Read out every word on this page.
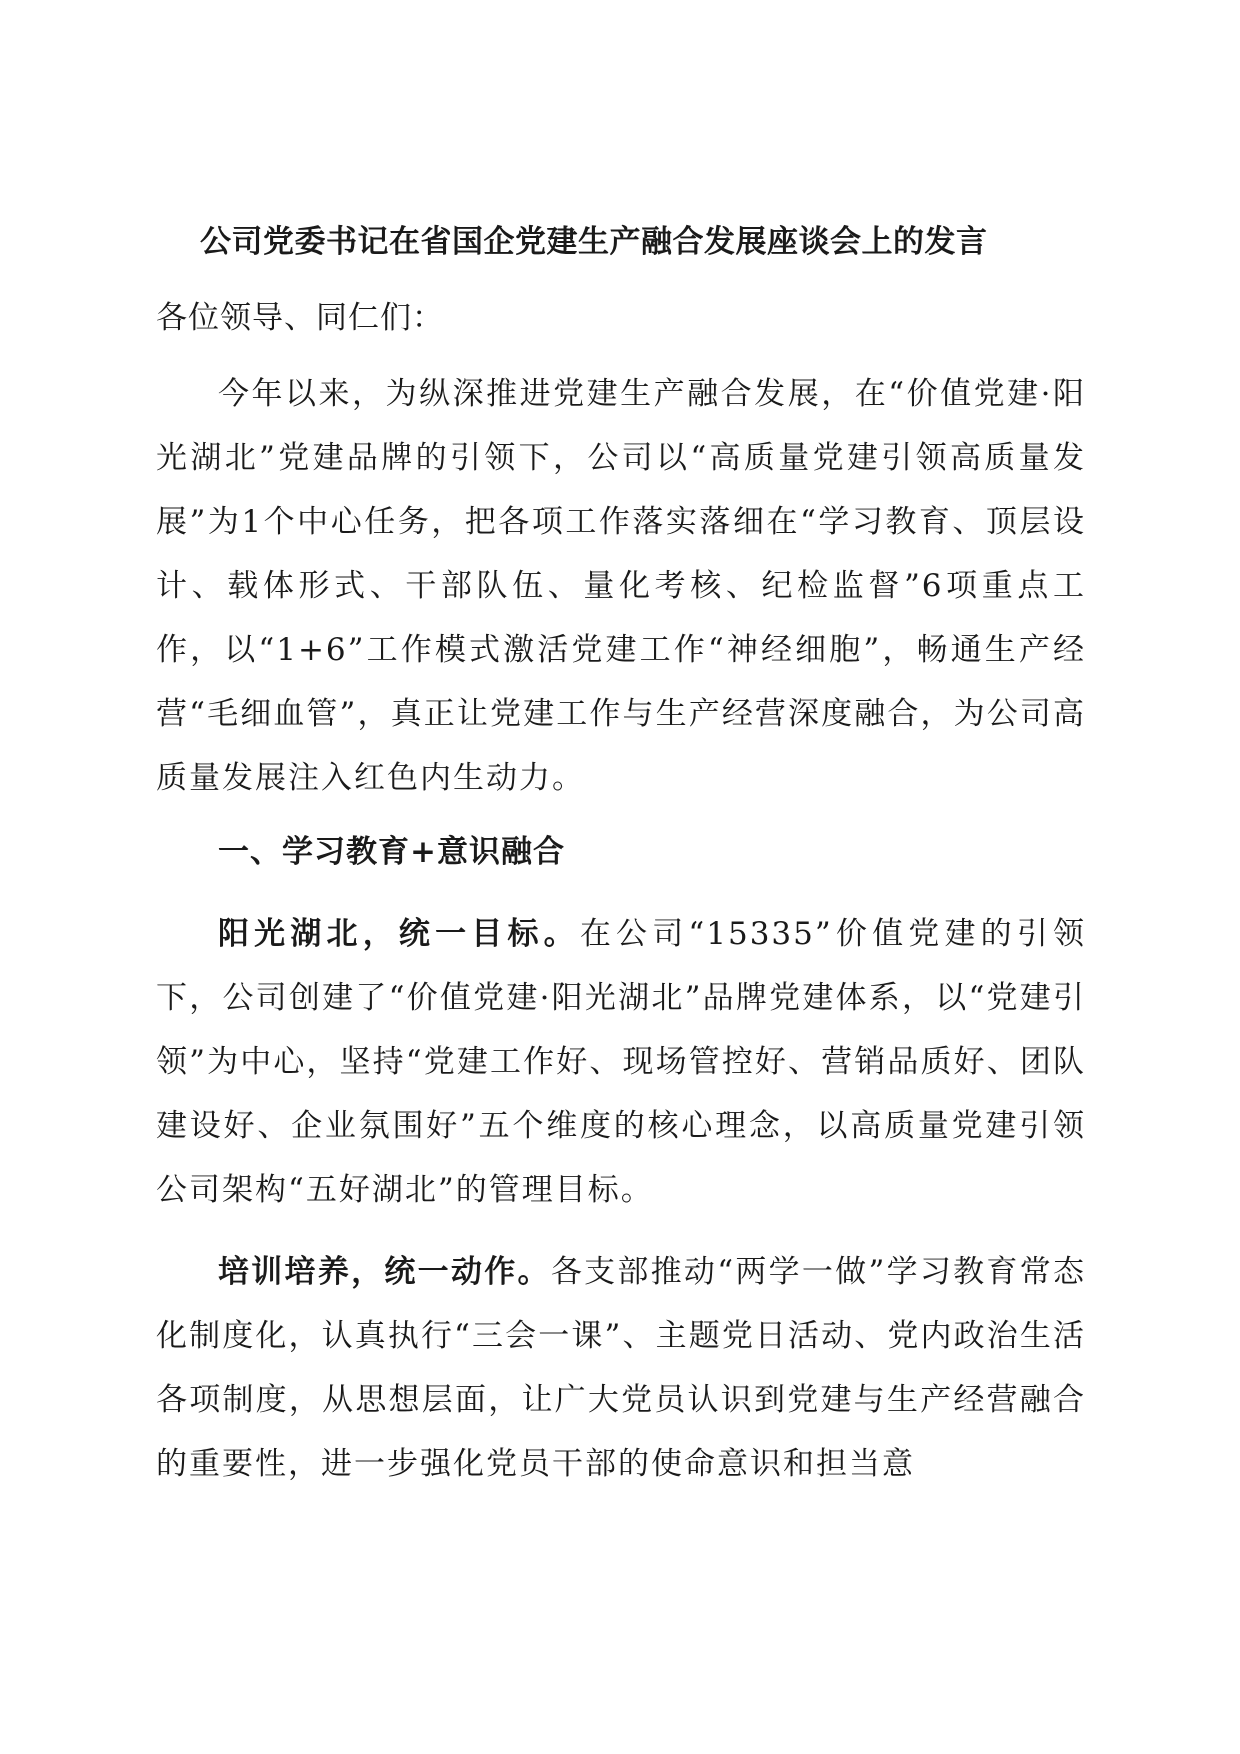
公司党委书记在省国企党建生产融合发展座谈会上的发言

各位领导、同仁们：

今年以来，为纵深推进党建生产融合发展，在“价值党建·阳光湖北”党建品牌的引领下，公司以“高质量党建引领高质量发展”为1个中心任务，把各项工作落实落细在“学习教育、顶层设计、载体形式、干部队伍、量化考核、纪检监督”6项重点工作，以“1+6”工作模式激活党建工作“神经细胞”，畅通生产经营“毛细血管”，真正让党建工作与生产经营深度融合，为公司高质量发展注入红色内生动力。

一、学习教育+意识融合

阳光湖北，统一目标。在公司“15335”价值党建的引领下，公司创建了“价值党建·阳光湖北”品牌党建体系，以“党建引领”为中心，坚持“党建工作好、现场管控好、营销品质好、团队建设好、企业氛围好”五个维度的核心理念，以高质量党建引领公司架构“五好湖北”的管理目标。

培训培养，统一动作。各支部推动“两学一做”学习教育常态化制度化，认真执行“三会一课”、主题党日活动、党内政治生活各项制度，从思想层面，让广大党员认识到党建与生产经营融合的重要性，进一步强化党员干部的使命意识和担当意
